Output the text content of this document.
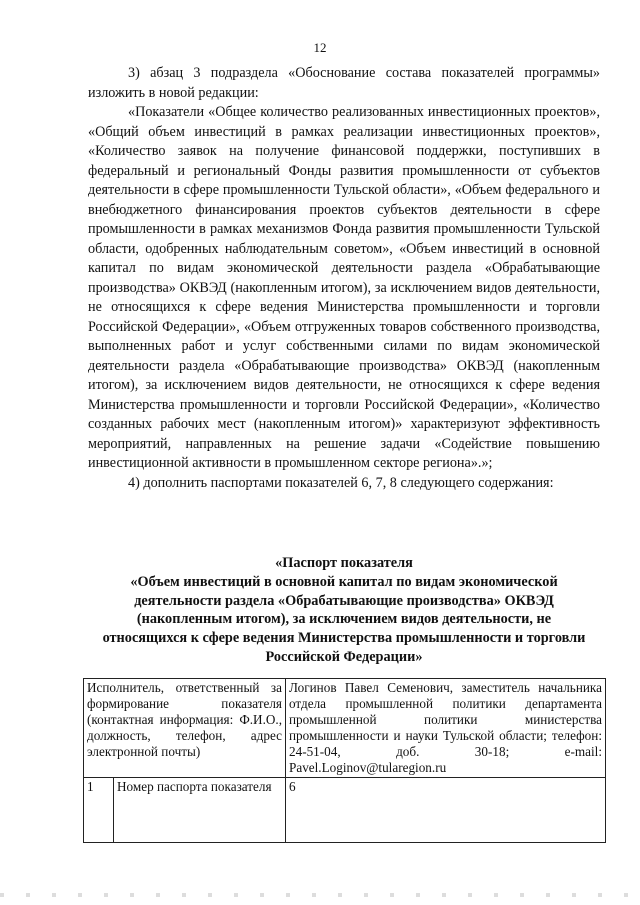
12

3) абзац 3 подраздела «Обоснование состава показателей программы» изложить в новой редакции:

«Показатели «Общее количество реализованных инвестиционных проектов», «Общий объем инвестиций в рамках реализации инвестиционных проектов», «Количество заявок на получение финансовой поддержки, поступивших в федеральный и региональный Фонды развития промышленности от субъектов деятельности в сфере промышленности Тульской области», «Объем федерального и внебюджетного финансирования проектов субъектов деятельности в сфере промышленности в рамках механизмов Фонда развития промышленности Тульской области, одобренных наблюдательным советом», «Объем инвестиций в основной капитал по видам экономической деятельности раздела «Обрабатывающие производства» ОКВЭД (накопленным итогом), за исключением видов деятельности, не относящихся к сфере ведения Министерства промышленности и торговли Российской Федерации», «Объем отгруженных товаров собственного производства, выполненных работ и услуг собственными силами по видам экономической деятельности раздела «Обрабатывающие производства» ОКВЭД (накопленным итогом), за исключением видов деятельности, не относящихся к сфере ведения Министерства промышленности и торговли Российской Федерации», «Количество созданных рабочих мест (накопленным итогом)» характеризуют эффективность мероприятий, направленных на решение задачи «Содействие повышению инвестиционной активности в промышленном секторе региона».»;

4) дополнить паспортами показателей 6, 7, 8 следующего содержания:

«Паспорт показателя
«Объем инвестиций в основной капитал по видам экономической деятельности раздела «Обрабатывающие производства» ОКВЭД (накопленным итогом), за исключением видов деятельности, не относящихся к сфере ведения Министерства промышленности и торговли Российской Федерации»
Исполнитель, ответственный за формирование показателя (контактная информация: Ф.И.О., должность, телефон, адрес электронной почты)		Логинов Павел Семенович, заместитель начальника отдела промышленной политики департамента промышленной политики министерства промышленности и науки Тульской области; телефон: 24-51-04, доб. 30-18; e-mail: Pavel.Loginov@tularegion.ru
1	Номер паспорта показателя	6
